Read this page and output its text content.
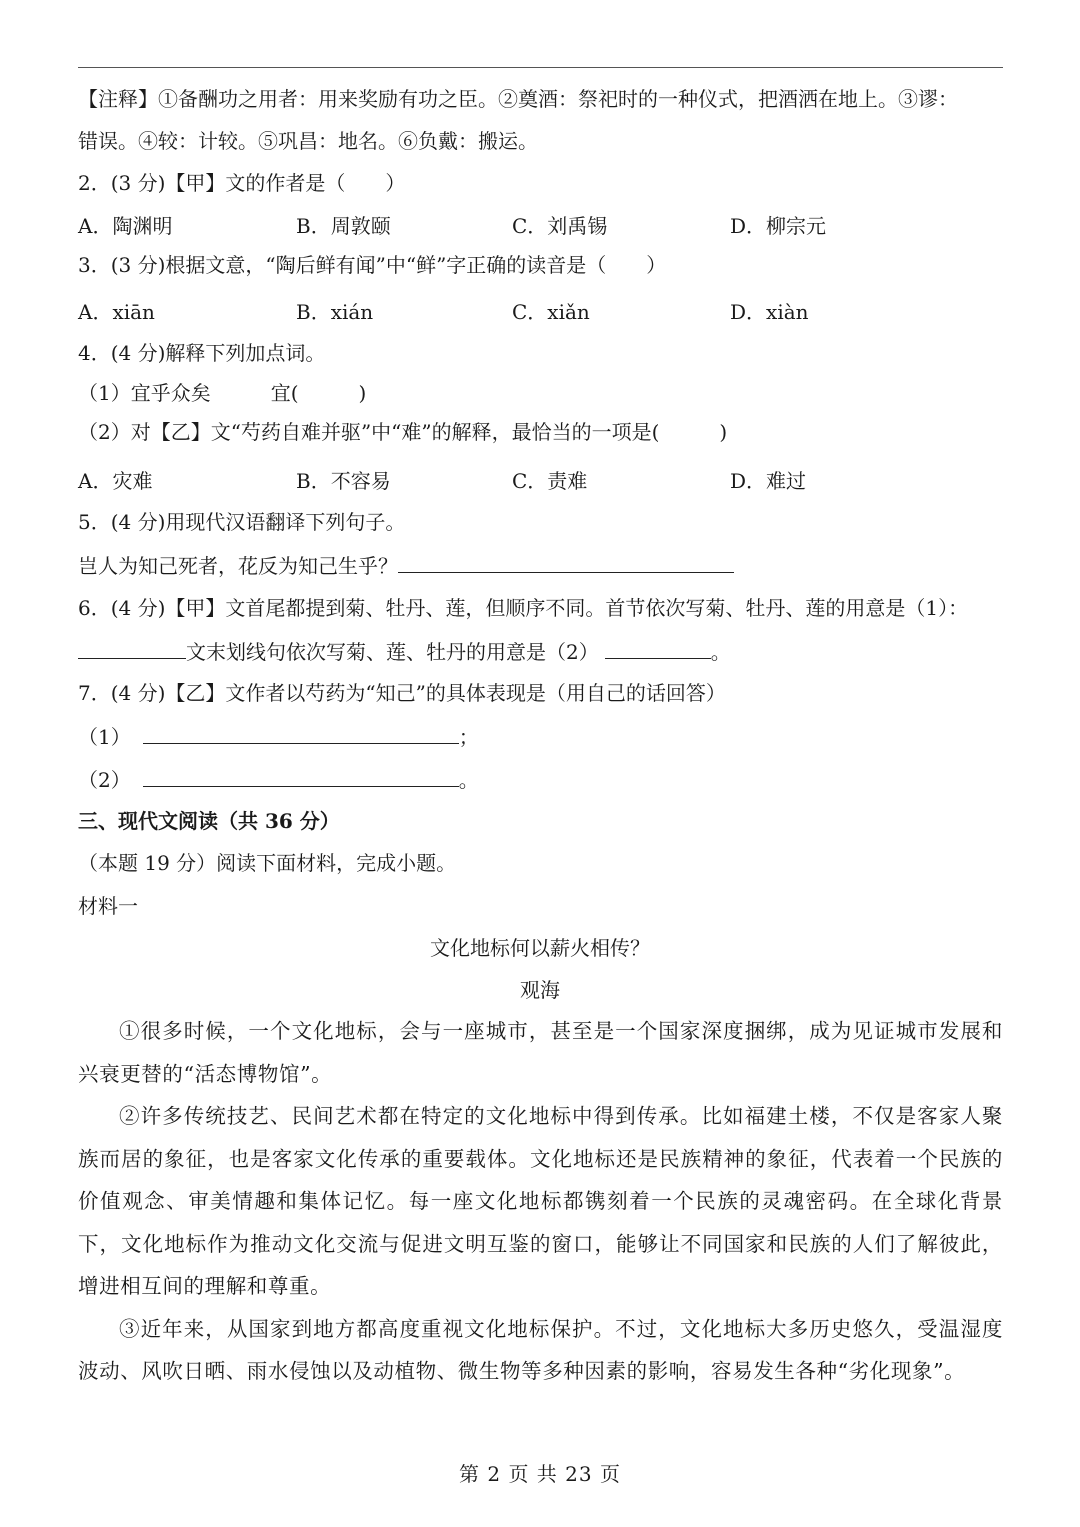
【注释】①备酬功之用者：用来奖励有功之臣。②奠酒：祭祀时的一种仪式，把酒洒在地上。③谬：
错误。④较：计较。⑤巩昌：地名。⑥负戴：搬运。
2．(3 分)【甲】文的作者是（　　）
A．陶渊明	B．周敦颐	C．刘禹锡	D．柳宗元
3．(3 分)根据文意，“陶后鲜有闻”中“鲜”字正确的读音是（　　）
A．xiān	B．xián	C．xiǎn	D．xiàn
4．(4 分)解释下列加点词。
（1）宜乎众矣　　　宜(　　　)
（2）对【乙】文“芍药自难并驱”中“难”的解释，最恰当的一项是(　　　)
A．灾难	B．不容易	C．责难	D．难过
5．(4 分)用现代汉语翻译下列句子。
岂人为知己死者，花反为知己生乎？
6．(4 分)【甲】文首尾都提到菊、牡丹、莲，但顺序不同。首节依次写菊、牡丹、莲的用意是（1）：
文末划线句依次写菊、莲、牡丹的用意是（2）	。
7．(4 分)【乙】文作者以芍药为“知己”的具体表现是（用自己的话回答）
（1）	；
（2）	。
三、现代文阅读（共 36 分）
（本题 19 分）阅读下面材料，完成小题。
材料一
文化地标何以薪火相传？
观海

①很多时候，一个文化地标，会与一座城市，甚至是一个国家深度捆绑，成为见证城市发展和兴衰更替的“活态博物馆”。

②许多传统技艺、民间艺术都在特定的文化地标中得到传承。比如福建土楼，不仅是客家人聚族而居的象征，也是客家文化传承的重要载体。文化地标还是民族精神的象征，代表着一个民族的价值观念、审美情趣和集体记忆。每一座文化地标都镌刻着一个民族的灵魂密码。在全球化背景下，文化地标作为推动文化交流与促进文明互鉴的窗口，能够让不同国家和民族的人们了解彼此，增进相互间的理解和尊重。

③近年来，从国家到地方都高度重视文化地标保护。不过，文化地标大多历史悠久，受温湿度波动、风吹日晒、雨水侵蚀以及动植物、微生物等多种因素的影响，容易发生各种“劣化现象”。

第 2 页 共 23 页
